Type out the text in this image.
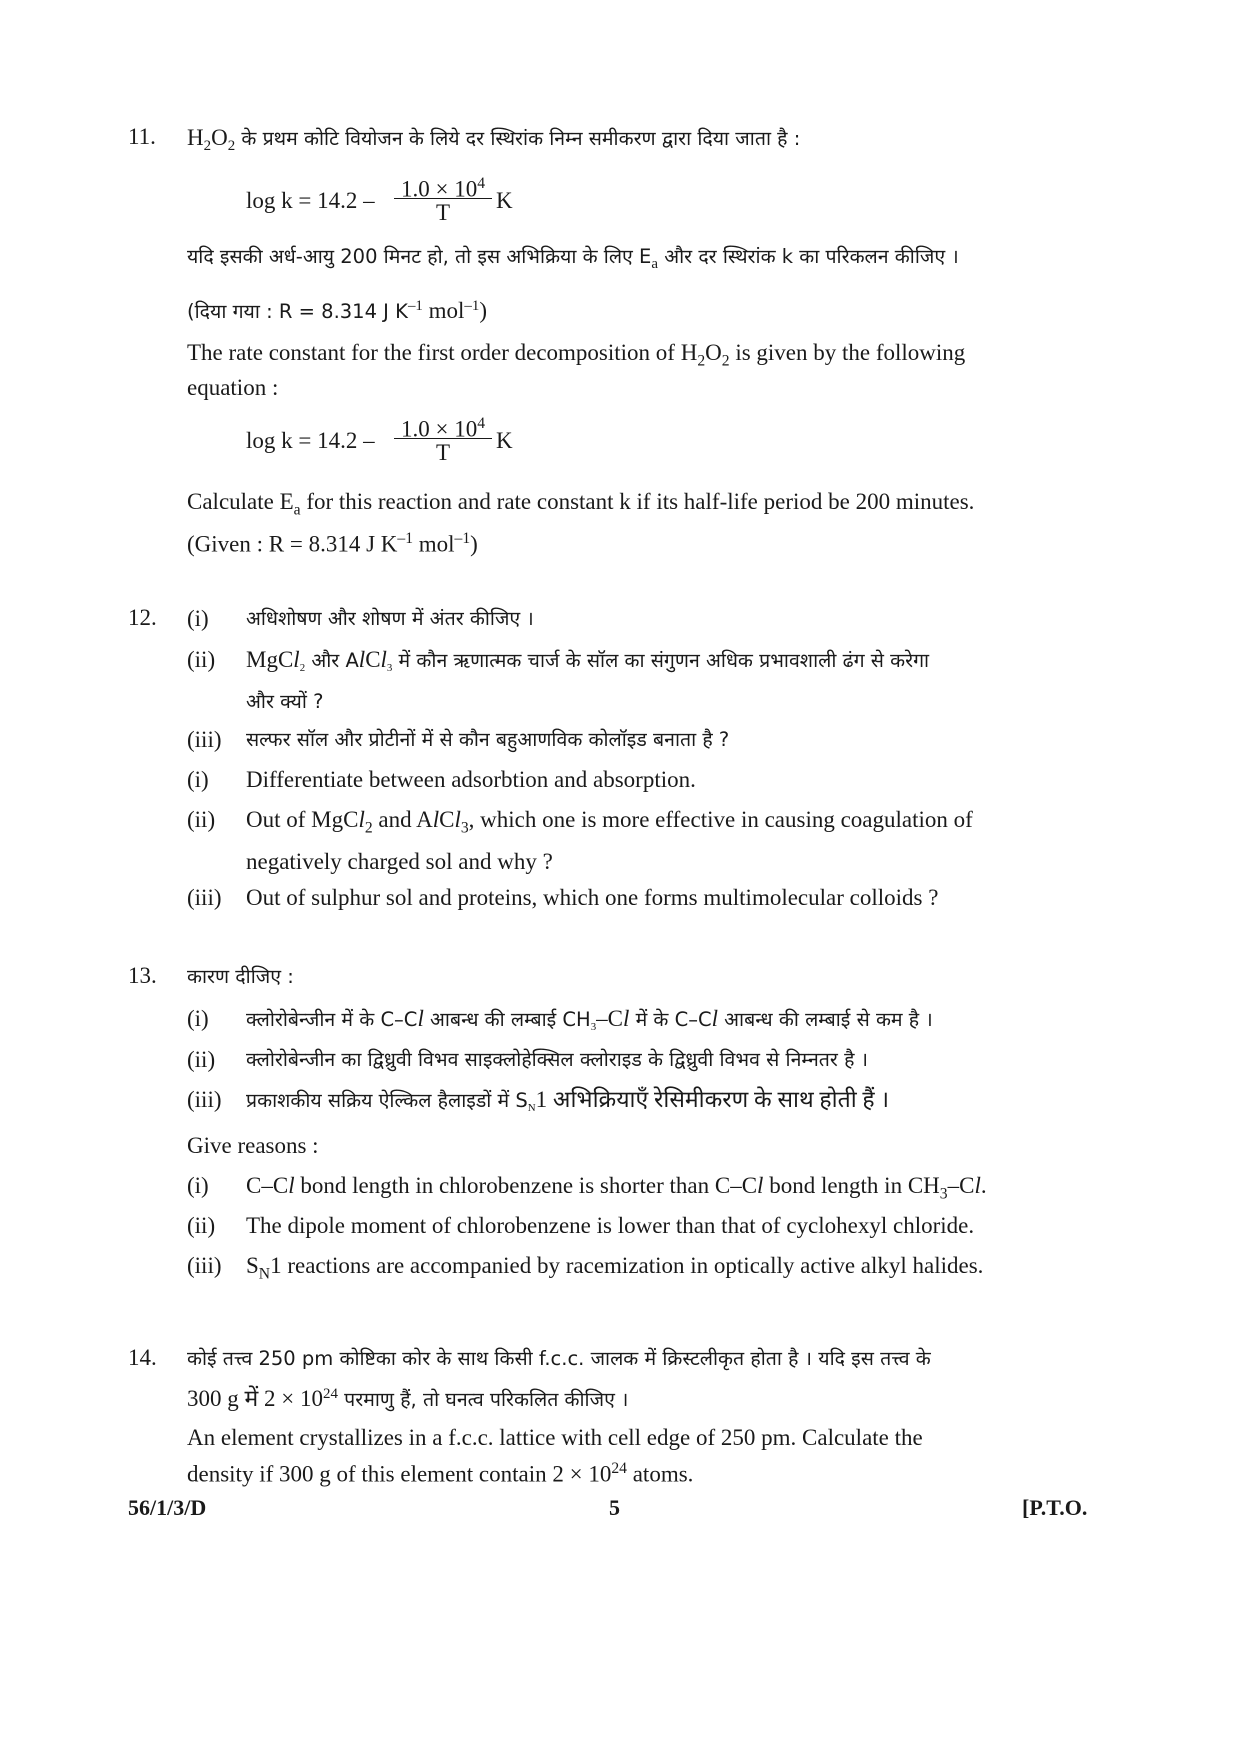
11. $H_2O_2$ के प्रथम कोटि वियोजन के लिये दर स्थिरांक निम्न समीकरण द्वारा दिया जाता है :
log k = 14.2 –	$1.0 \times 10^4$
T	K
यदि इसकी अर्ध-आयु 200 मिनट हो, तो इस अभिक्रिया के लिए $E_a$ और दर स्थिरांक k का परिकलन कीजिए ।
(दिया गया : R = 8.314 J $K^{-1}$ mol$^{-1}$)
The rate constant for the first order decomposition of $H_2O_2$ is given by the following
equation :
log k = 14.2 –	$1.0 \times 10^4$
T	K
Calculate $E_a$ for this reaction and rate constant k if its half-life period be 200 minutes.
(Given : R = 8.314 J $K^{-1}$ mol$^{-1}$)
12. (i) अधिशोषण और शोषण में अंतर कीजिए ।
(ii) MgCl$_2$ और AlCl$_3$ में कौन ऋणात्मक चार्ज के सॉल का संगुणन अधिक प्रभावशाली ढंग से करेगा
और क्यों ?
(iii) सल्फर सॉल और प्रोटीनों में से कौन बहुआणविक कोलॉइड बनाता है ?
(i) Differentiate between adsorbtion and absorption.
(ii) Out of MgCl$_2$ and AlCl$_3$, which one is more effective in causing coagulation of
negatively charged sol and why ?
(iii) Out of sulphur sol and proteins, which one forms multimolecular colloids ?
13. कारण दीजिए :
(i) क्लोरोबेन्जीन में के C–Cl आबन्ध की लम्बाई $CH_3-Cl$ में के C–Cl आबन्ध की लम्बाई से कम है ।
(ii) क्लोरोबेन्जीन का द्विध्रुवी विभव साइक्लोहेक्सिल क्लोराइड के द्विध्रुवी विभव से निम्नतर है ।
(iii) प्रकाशकीय सक्रिय ऐल्किल हैलाइडों में $S_N1$ अभिक्रियाएँ रेसिमीकरण के साथ होती हैं ।
Give reasons :
(i) C–Cl bond length in chlorobenzene is shorter than C–Cl bond length in $CH_3-Cl$.
(ii) The dipole moment of chlorobenzene is lower than that of cyclohexyl chloride.
(iii) $S_N1$ reactions are accompanied by racemization in optically active alkyl halides.
14. कोई तत्त्व 250 pm कोष्टिका कोर के साथ किसी f.c.c. जालक में क्रिस्टलीकृत होता है । यदि इस तत्त्व के
300 g में $2 \times 10^{24}$ परमाणु हैं, तो घनत्व परिकलित कीजिए ।
An element crystallizes in a f.c.c. lattice with cell edge of 250 pm. Calculate the
density if 300 g of this element contain $2 \times 10^{24}$ atoms.
56/1/3/D	5	[P.T.O.
